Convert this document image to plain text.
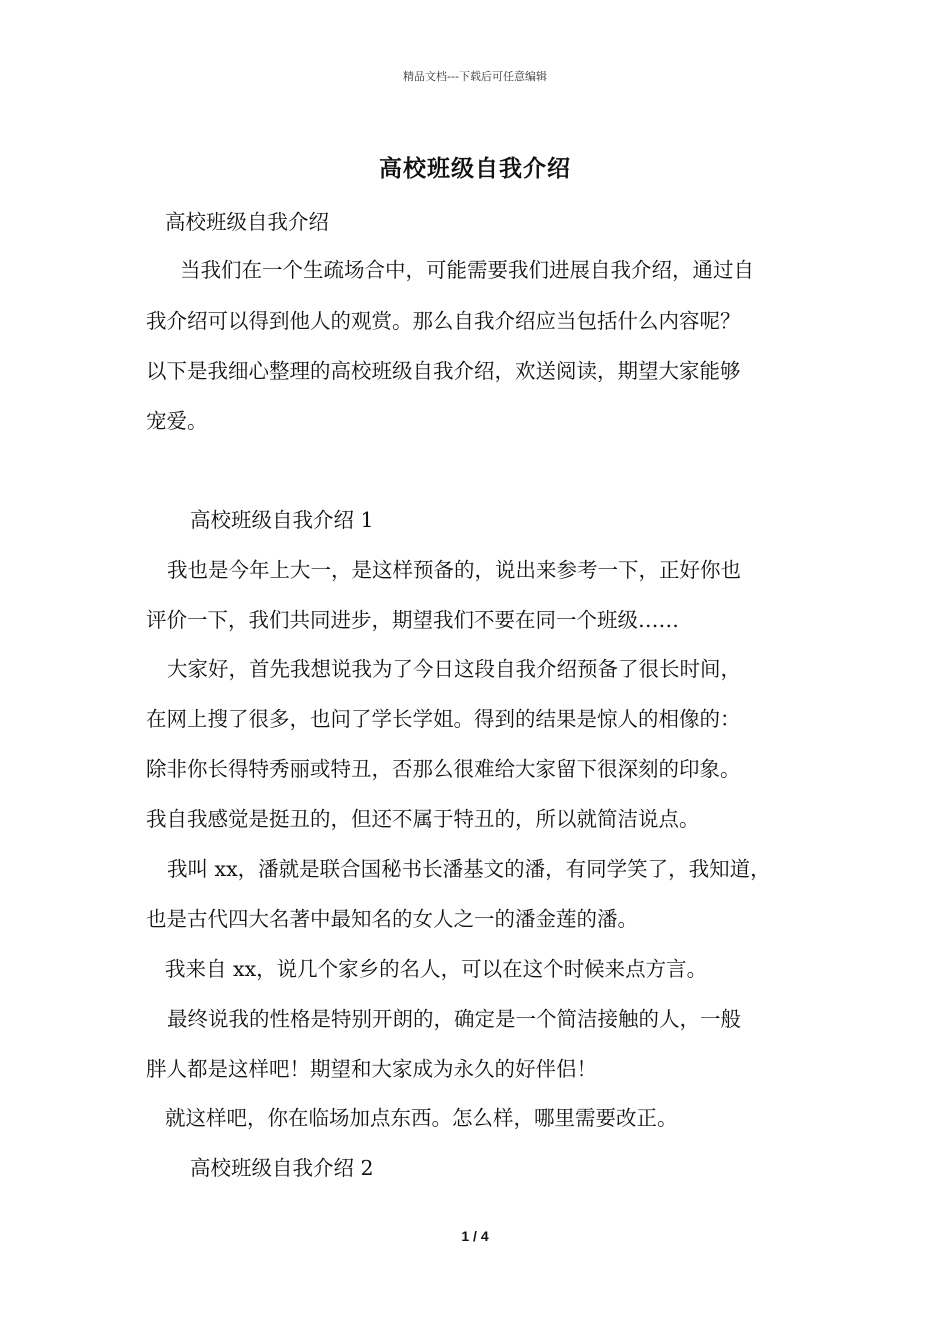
精品文档---下载后可任意编辑
高校班级自我介绍
高校班级自我介绍
当我们在一个生疏场合中，可能需要我们进展自我介绍，通过自
我介绍可以得到他人的观赏。那么自我介绍应当包括什么内容呢？
以下是我细心整理的高校班级自我介绍，欢送阅读，期望大家能够
宠爱。
高校班级自我介绍 1
我也是今年上大一，是这样预备的，说出来参考一下，正好你也
评价一下，我们共同进步，期望我们不要在同一个班级……
大家好，首先我想说我为了今日这段自我介绍预备了很长时间，
在网上搜了很多，也问了学长学姐。得到的结果是惊人的相像的：
除非你长得特秀丽或特丑，否那么很难给大家留下很深刻的印象。
我自我感觉是挺丑的，但还不属于特丑的，所以就简洁说点。
我叫 xx，潘就是联合国秘书长潘基文的潘，有同学笑了，我知道，
也是古代四大名著中最知名的女人之一的潘金莲的潘。
我来自 xx，说几个家乡的名人，可以在这个时候来点方言。
最终说我的性格是特别开朗的，确定是一个简洁接触的人，一般
胖人都是这样吧！期望和大家成为永久的好伴侣！
就这样吧，你在临场加点东西。怎么样，哪里需要改正。
高校班级自我介绍 2
1 / 4
